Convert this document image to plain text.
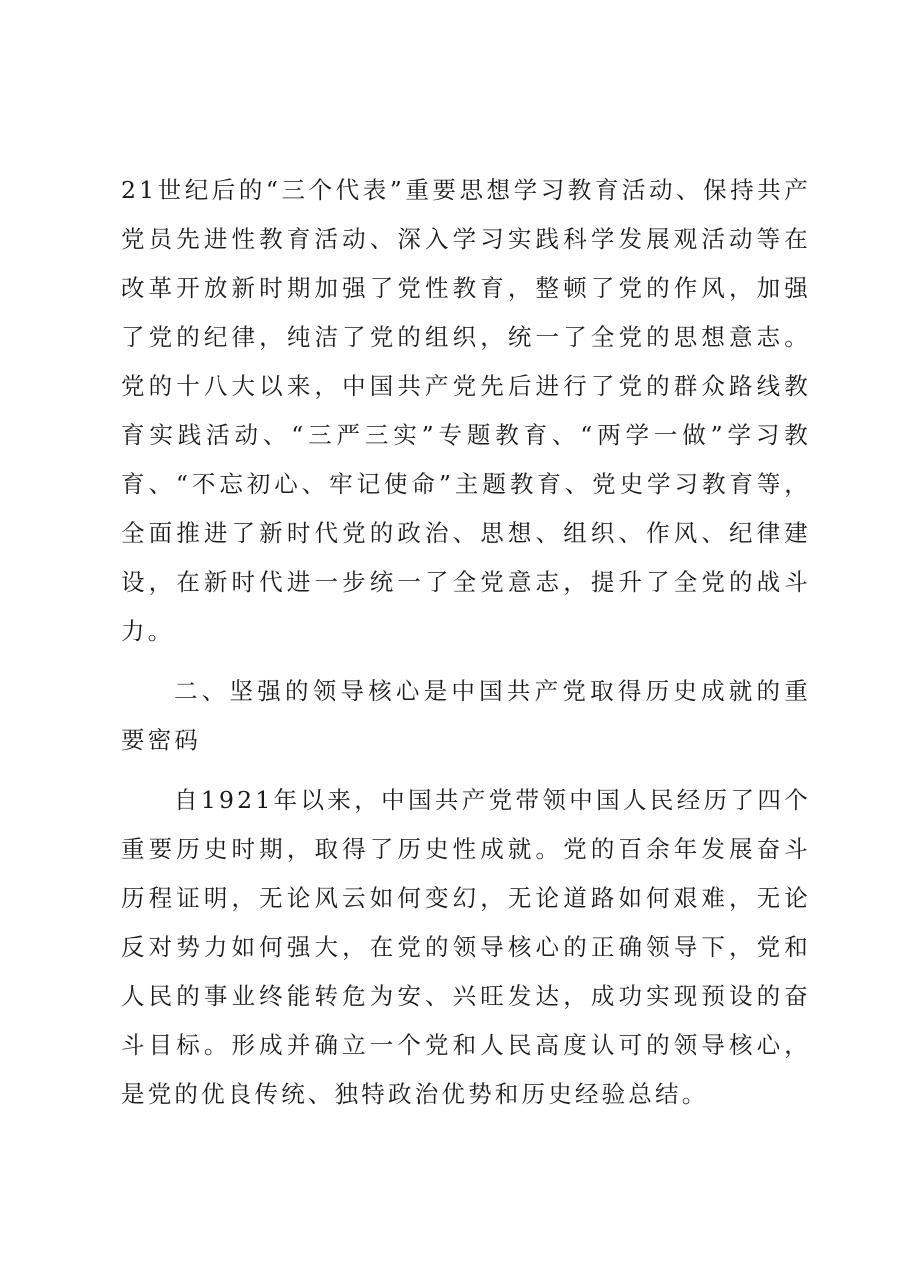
21世纪后的“三个代表”重要思想学习教育活动、保持共产党员先进性教育活动、深入学习实践科学发展观活动等在改革开放新时期加强了党性教育，整顿了党的作风，加强了党的纪律，纯洁了党的组织，统一了全党的思想意志。党的十八大以来，中国共产党先后进行了党的群众路线教育实践活动、“三严三实”专题教育、“两学一做”学习教育、“不忘初心、牢记使命”主题教育、党史学习教育等，全面推进了新时代党的政治、思想、组织、作风、纪律建设，在新时代进一步统一了全党意志，提升了全党的战斗力。

二、坚强的领导核心是中国共产党取得历史成就的重要密码

自1921年以来，中国共产党带领中国人民经历了四个重要历史时期，取得了历史性成就。党的百余年发展奋斗历程证明，无论风云如何变幻，无论道路如何艰难，无论反对势力如何强大，在党的领导核心的正确领导下，党和人民的事业终能转危为安、兴旺发达，成功实现预设的奋斗目标。形成并确立一个党和人民高度认可的领导核心，是党的优良传统、独特政治优势和历史经验总结。
